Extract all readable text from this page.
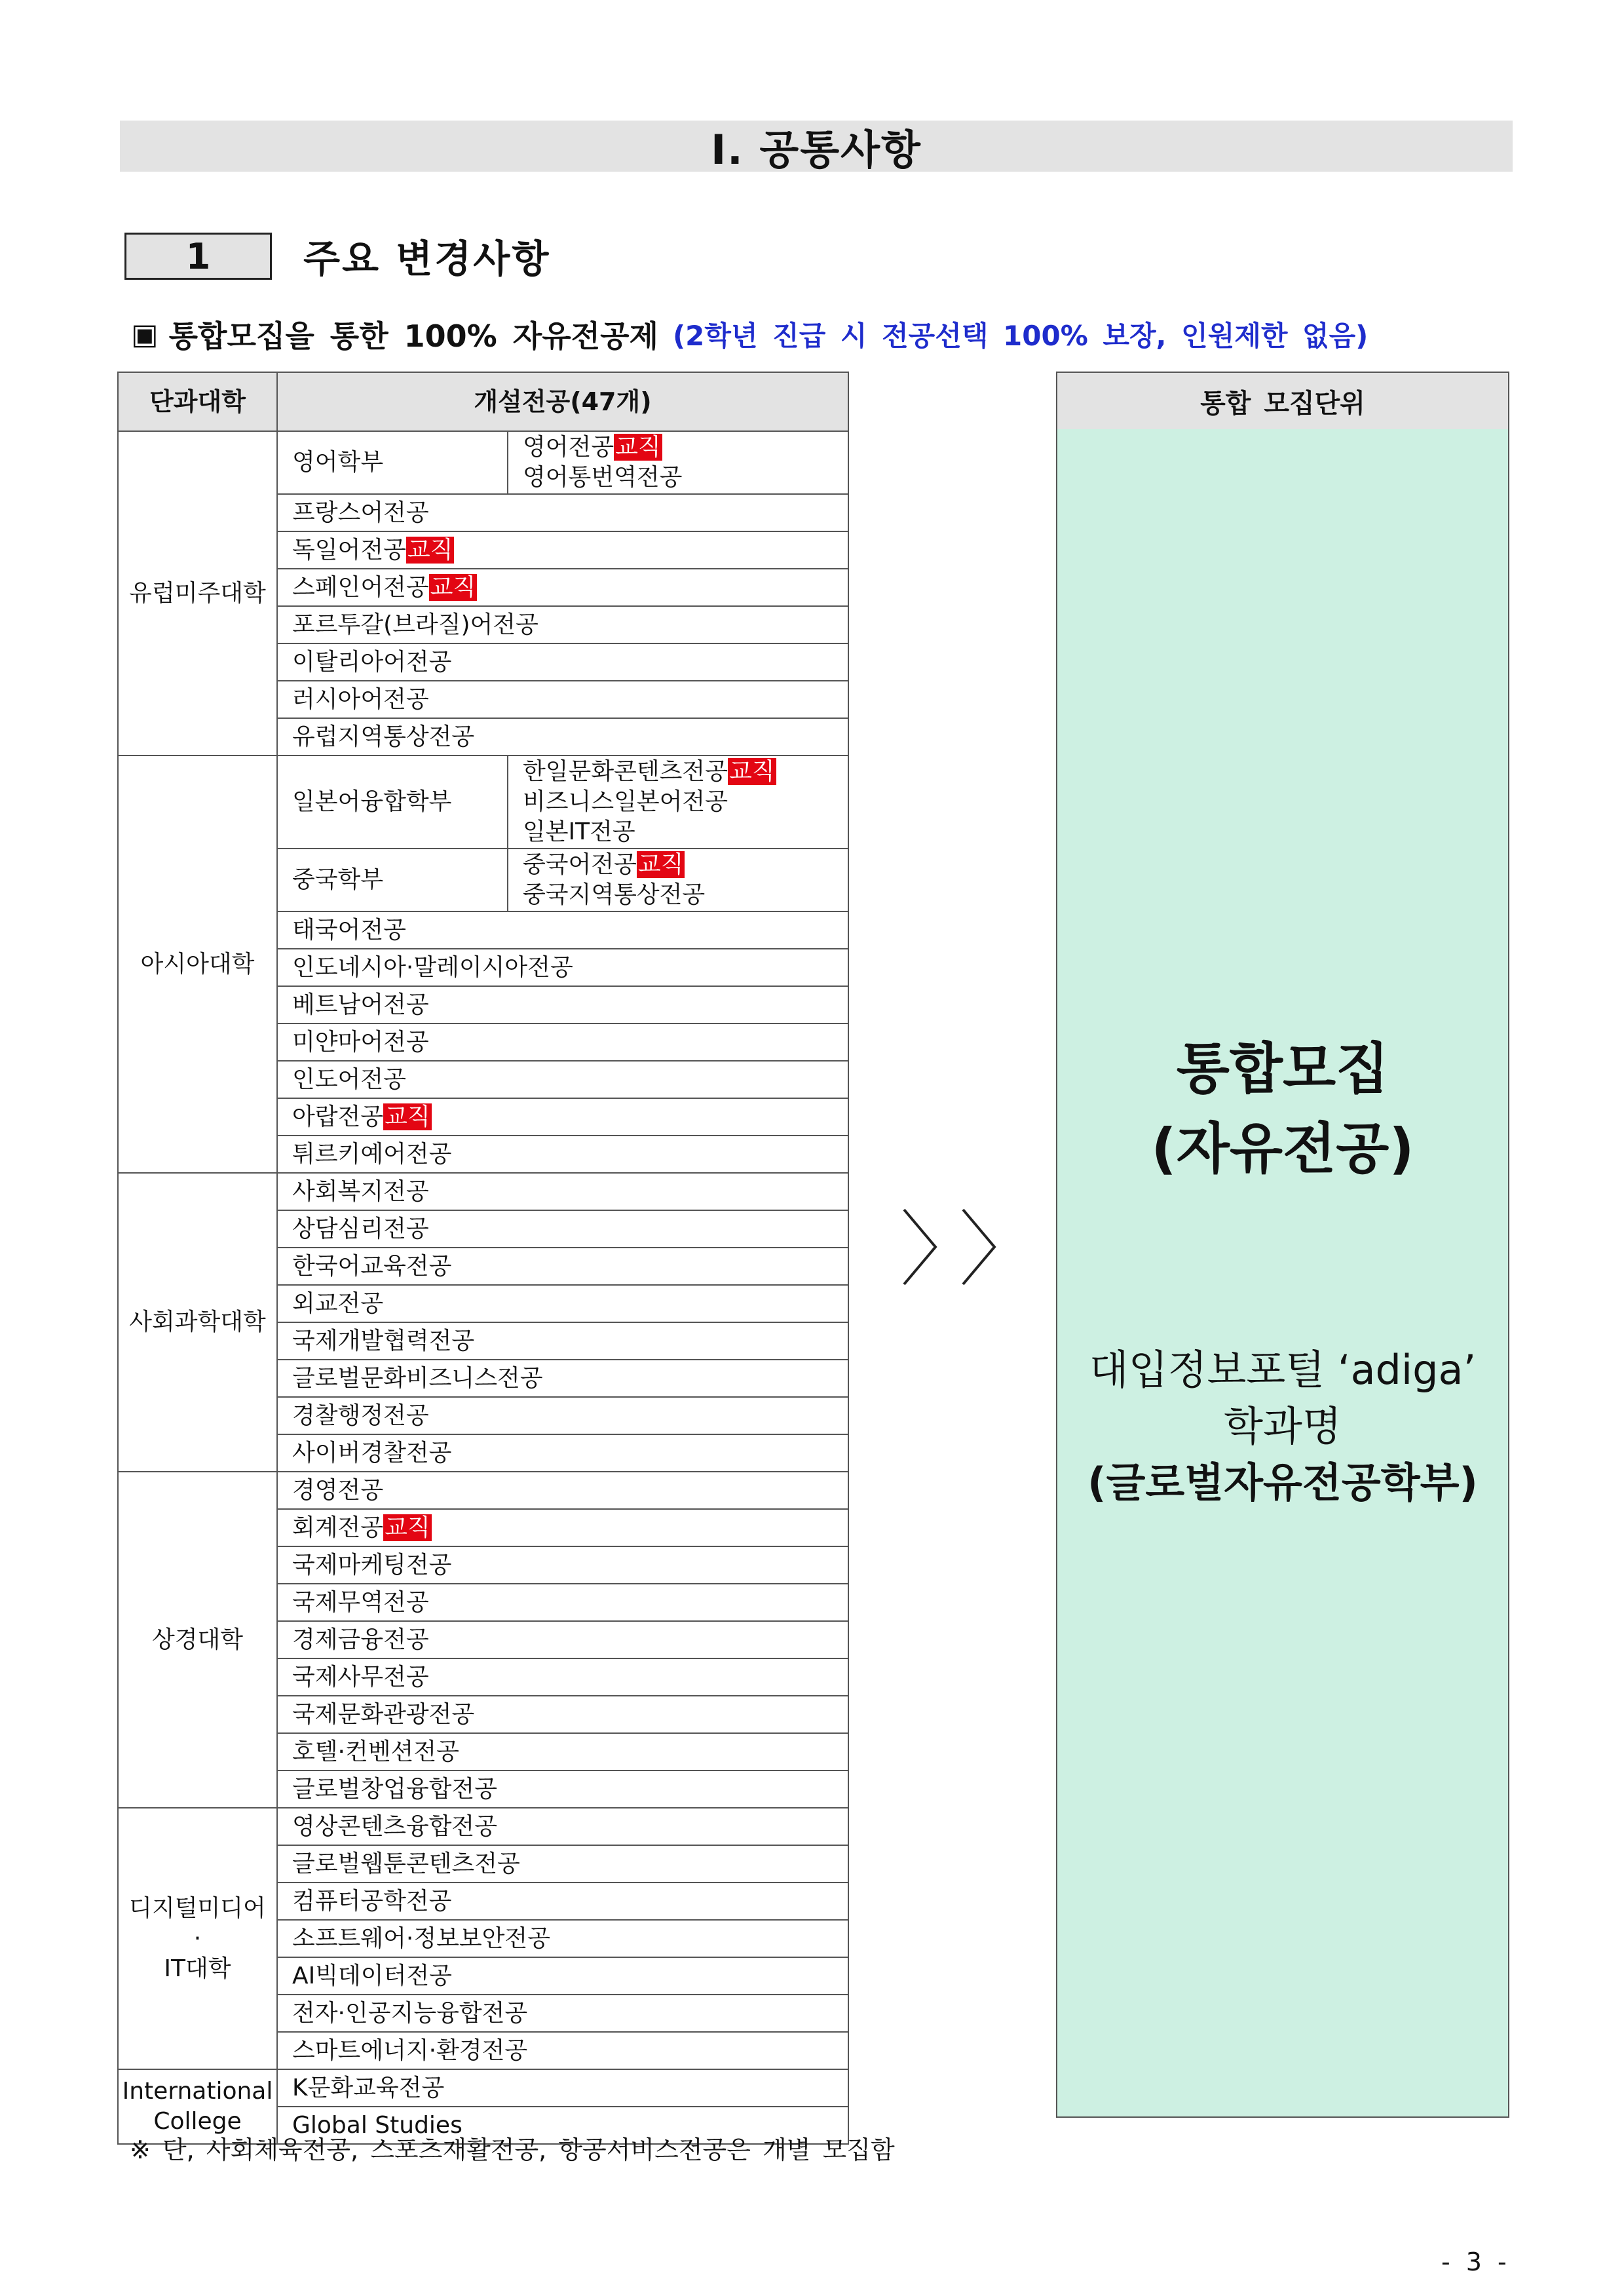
Ⅰ. 공통사항
1	주요 변경사항
▣ 통합모집을 통한 100% 자유전공제 (2학년 진급 시 전공선택 100% 보장, 인원제한 없음)
단과대학	개설전공(47개)	
유럽미주대학	영어학부	영어전공교직
영어통번역전공

	프랑스어전공	
	독일어전공교직	
	스페인어전공교직	
	포르투갈(브라질)어전공	
	이탈리아어전공	
	러시아어전공	
	유럽지역통상전공	
아시아대학	일본어융합학부	한일문화콘텐츠전공교직
비즈니스일본어전공
일본IT전공

	중국학부	중국어전공교직
중국지역통상전공

	태국어전공	
	인도네시아·말레이시아전공	
	베트남어전공	
	미얀마어전공	
	인도어전공	
	아랍전공교직	
	튀르키예어전공	
사회과학대학	사회복지전공	
	상담심리전공	
	한국어교육전공	
	외교전공	
	국제개발협력전공	
	글로벌문화비즈니스전공	
	경찰행정전공	
	사이버경찰전공	
상경대학	경영전공	
	회계전공교직	
	국제마케팅전공	
	국제무역전공	
	경제금융전공	
	국제사무전공	
	국제문화관광전공	
	호텔·컨벤션전공	
	글로벌창업융합전공	
디지털미디어
·
IT대학	영상콘텐츠융합전공	
	글로벌웹툰콘텐츠전공	
	컴퓨터공학전공	
	소프트웨어·정보보안전공	
	AI빅데이터전공	
	전자·인공지능융합전공	
	스마트에너지·환경전공	
International
College	K문화교육전공	
	Global Studies	
통합 모집단위
통합모집
(자유전공)
대입정보포털 ‘adiga’
학과명
(글로벌자유전공학부)
※ 단, 사회체육전공, 스포츠재활전공, 항공서비스전공은 개별 모집함
- 3 -
